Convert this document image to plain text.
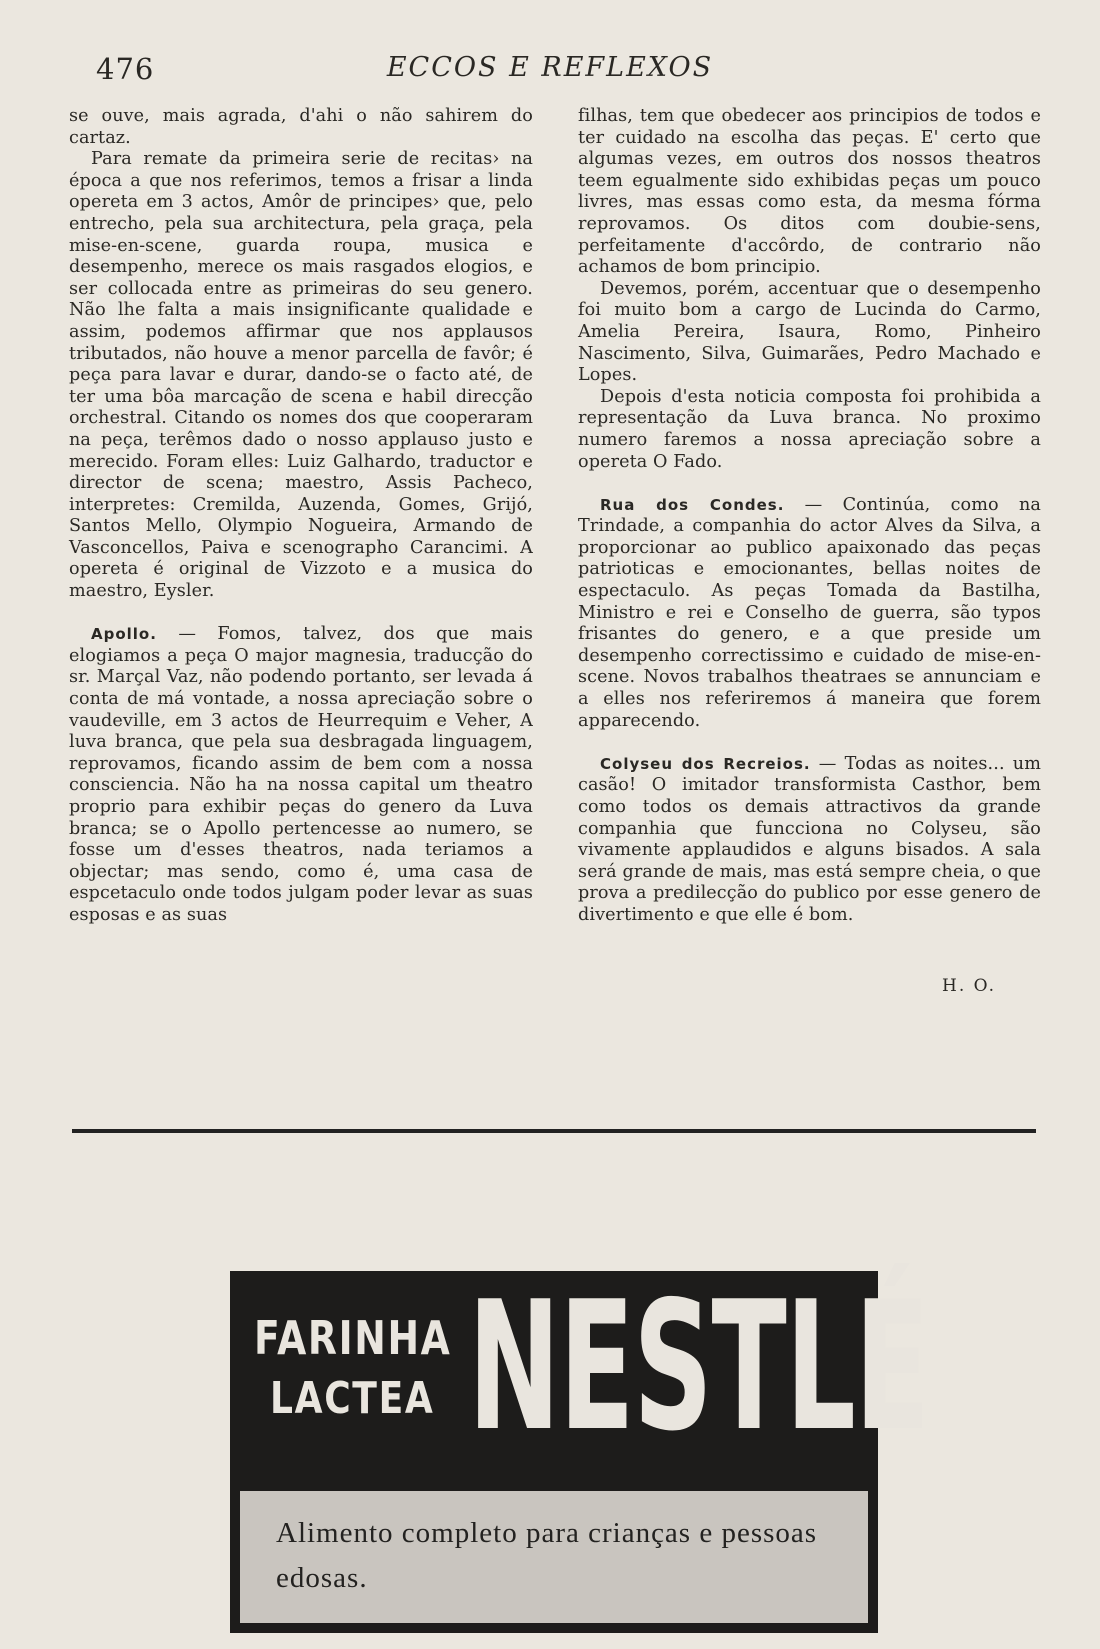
476	ECCOS E REFLEXOS

se ouve, mais agrada, d'ahi o não sahirem do cartaz.

Para remate da primeira serie de recitas› na época a que nos referimos, temos a frisar a linda opereta em 3 actos, Amôr de principes› que, pelo entrecho, pela sua architectura, pela graça, pela mise-en-scene, guarda roupa, musica e desempenho, merece os mais rasgados elogios, e ser collocada entre as primeiras do seu genero. Não lhe falta a mais insignificante qualidade e assim, podemos affirmar que nos applausos tributados, não houve a menor parcella de favôr; é peça para lavar e durar, dando-se o facto até, de ter uma bôa marcação de scena e habil direcção orchestral. Citando os nomes dos que cooperaram na peça, terêmos dado o nosso applauso justo e merecido. Foram elles: Luiz Galhardo, traductor e director de scena; maestro, Assis Pacheco, interpretes: Cremilda, Auzenda, Gomes, Grijó, Santos Mello, Olympio Nogueira, Armando de Vasconcellos, Paiva e scenographo Carancimi. A opereta é original de Vizzoto e a musica do maestro, Eysler.

Apollo. — Fomos, talvez, dos que mais elogiamos a peça O major magnesia, traducção do sr. Marçal Vaz, não podendo portanto, ser levada á conta de má vontade, a nossa apreciação sobre o vaudeville, em 3 actos de Heurrequim e Veher, A luva branca, que pela sua desbragada linguagem, reprovamos, ficando assim de bem com a nossa consciencia. Não ha na nossa capital um theatro proprio para exhibir peças do genero da Luva branca; se o Apollo pertencesse ao numero, se fosse um d'esses theatros, nada teriamos a objectar; mas sendo, como é, uma casa de espcetaculo onde todos julgam poder levar as suas esposas e as suas

filhas, tem que obedecer aos principios de todos e ter cuidado na escolha das peças. E' certo que algumas vezes, em outros dos nossos theatros teem egualmente sido exhibidas peças um pouco livres, mas essas como esta, da mesma fórma reprovamos. Os ditos com doubie-sens, perfeitamente d'accôrdo, de contrario não achamos de bom principio.

Devemos, porém, accentuar que o desempenho foi muito bom a cargo de Lucinda do Carmo, Amelia Pereira, Isaura, Romo, Pinheiro Nascimento, Silva, Guimarães, Pedro Machado e Lopes.

Depois d'esta noticia composta foi prohibida a representação da Luva branca. No proximo numero faremos a nossa apreciação sobre a opereta O Fado.

Rua dos Condes. — Continúa, como na Trindade, a companhia do actor Alves da Silva, a proporcionar ao publico apaixonado das peças patrioticas e emocionantes, bellas noites de espectaculo. As peças Tomada da Bastilha, Ministro e rei e Conselho de guerra, são typos frisantes do genero, e a que preside um desempenho correctissimo e cuidado de mise-en-scene. Novos trabalhos theatraes se annunciam e a elles nos referiremos á maneira que forem apparecendo.

Colyseu dos Recreios. — Todas as noites... um casão! O imitador transformista Casthor, bem como todos os demais attractivos da grande companhia que funcciona no Colyseu, são vivamente applaudidos e alguns bisados. A sala será grande de mais, mas está sempre cheia, o que prova a predilecção do publico por esse genero de divertimento e que elle é bom.

H. O.
FARINHA
LACTEA NESTLÉ
Alimento completo para crianças e pessoas edosas.
